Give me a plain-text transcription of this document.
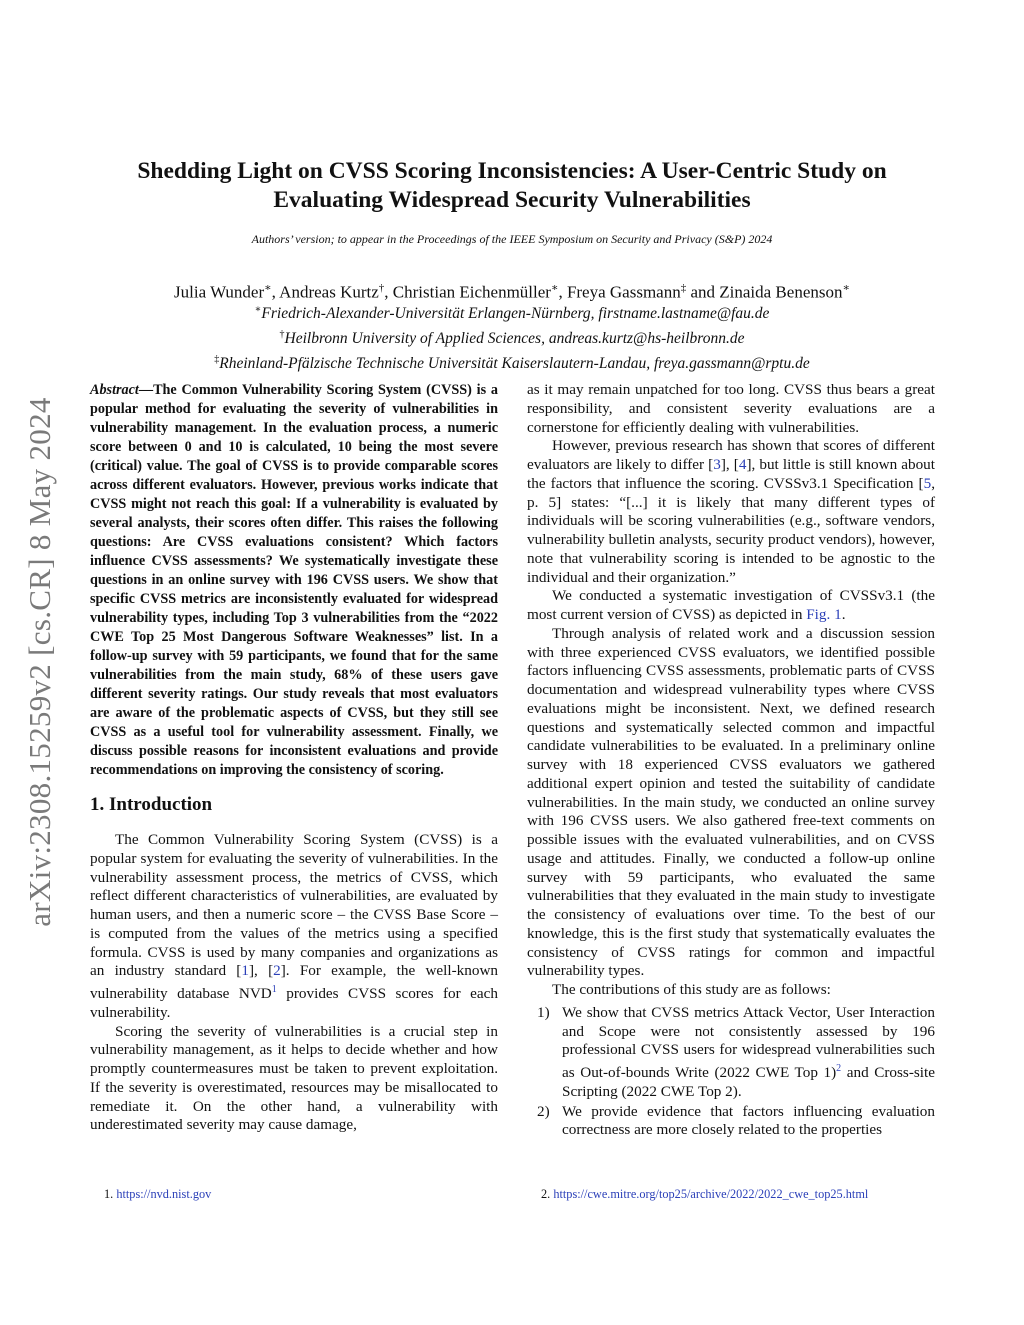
arXiv:2308.15259v2 [cs.CR] 8 May 2024
Shedding Light on CVSS Scoring Inconsistencies: A User-Centric Study on
Evaluating Widespread Security Vulnerabilities
Authors’ version; to appear in the Proceedings of the IEEE Symposium on Security and Privacy (S&P) 2024
Julia Wunder∗, Andreas Kurtz†, Christian Eichenmüller∗, Freya Gassmann‡ and Zinaida Benenson∗
∗Friedrich-Alexander-Universität Erlangen-Nürnberg, firstname.lastname@fau.de
†Heilbronn University of Applied Sciences, andreas.kurtz@hs-heilbronn.de
‡Rheinland-Pfälzische Technische Universität Kaiserslautern-Landau, freya.gassmann@rptu.de

Abstract—The Common Vulnerability Scoring System (CVSS) is a popular method for evaluating the severity of vulnerabilities in vulnerability management. In the evaluation process, a numeric score between 0 and 10 is calculated, 10 being the most severe (critical) value. The goal of CVSS is to provide comparable scores across different evaluators. However, previous works indicate that CVSS might not reach this goal: If a vulnerability is evaluated by several analysts, their scores often differ. This raises the following questions: Are CVSS evaluations consistent? Which factors influence CVSS assessments? We systematically investigate these questions in an online survey with 196 CVSS users. We show that specific CVSS metrics are inconsistently evaluated for widespread vulnerability types, including Top 3 vulnerabilities from the “2022 CWE Top 25 Most Dangerous Software Weaknesses” list. In a follow-up survey with 59 participants, we found that for the same vulnerabilities from the main study, 68% of these users gave different severity ratings. Our study reveals that most evaluators are aware of the problematic aspects of CVSS, but they still see CVSS as a useful tool for vulnerability assessment. Finally, we discuss possible reasons for inconsistent evaluations and provide recommendations on improving the consistency of scoring.

1. Introduction

The Common Vulnerability Scoring System (CVSS) is a popular system for evaluating the severity of vulnerabilities. In the vulnerability assessment process, the metrics of CVSS, which reflect different characteristics of vulnerabilities, are evaluated by human users, and then a numeric score – the CVSS Base Score – is computed from the values of the metrics using a specified formula. CVSS is used by many companies and organizations as an industry standard [1], [2]. For example, the well-known vulnerability database NVD$^1$ provides CVSS scores for each vulnerability.

Scoring the severity of vulnerabilities is a crucial step in vulnerability management, as it helps to decide whether and how promptly countermeasures must be taken to prevent exploitation. If the severity is overestimated, resources may be misallocated to remediate it. On the other hand, a vulnerability with underestimated severity may cause damage,

as it may remain unpatched for too long. CVSS thus bears a great responsibility, and consistent severity evaluations are a cornerstone for efficiently dealing with vulnerabilities.

However, previous research has shown that scores of different evaluators are likely to differ [3], [4], but little is still known about the factors that influence the scoring. CVSSv3.1 Specification [5, p. 5] states: “[...] it is likely that many different types of individuals will be scoring vulnerabilities (e.g., software vendors, vulnerability bulletin analysts, security product vendors), however, note that vulnerability scoring is intended to be agnostic to the individual and their organization.”

We conducted a systematic investigation of CVSSv3.1 (the most current version of CVSS) as depicted in Fig. 1.

Through analysis of related work and a discussion session with three experienced CVSS evaluators, we identified possible factors influencing CVSS assessments, problematic parts of CVSS documentation and widespread vulnerability types where CVSS evaluations might be inconsistent. Next, we defined research questions and systematically selected common and impactful candidate vulnerabilities to be evaluated. In a preliminary online survey with 18 experienced CVSS evaluators we gathered additional expert opinion and tested the suitability of candidate vulnerabilities. In the main study, we conducted an online survey with 196 CVSS users. We also gathered free-text comments on possible issues with the evaluated vulnerabilities, and on CVSS usage and attitudes. Finally, we conducted a follow-up online survey with 59 participants, who evaluated the same vulnerabilities that they evaluated in the main study to investigate the consistency of evaluations over time. To the best of our knowledge, this is the first study that systematically evaluates the consistency of CVSS ratings for common and impactful vulnerability types.

The contributions of this study are as follows:

1) We show that CVSS metrics Attack Vector, User Interaction and Scope were not consistently assessed by 196 professional CVSS users for widespread vulnerabilities such as Out-of-bounds Write (2022 CWE Top 1)$^2$ and Cross-site Scripting (2022 CWE Top 2).

2) We provide evidence that factors influencing evaluation correctness are more closely related to the properties

1. https://nvd.nist.gov	2. https://cwe.mitre.org/top25/archive/2022/2022_cwe_top25.html
